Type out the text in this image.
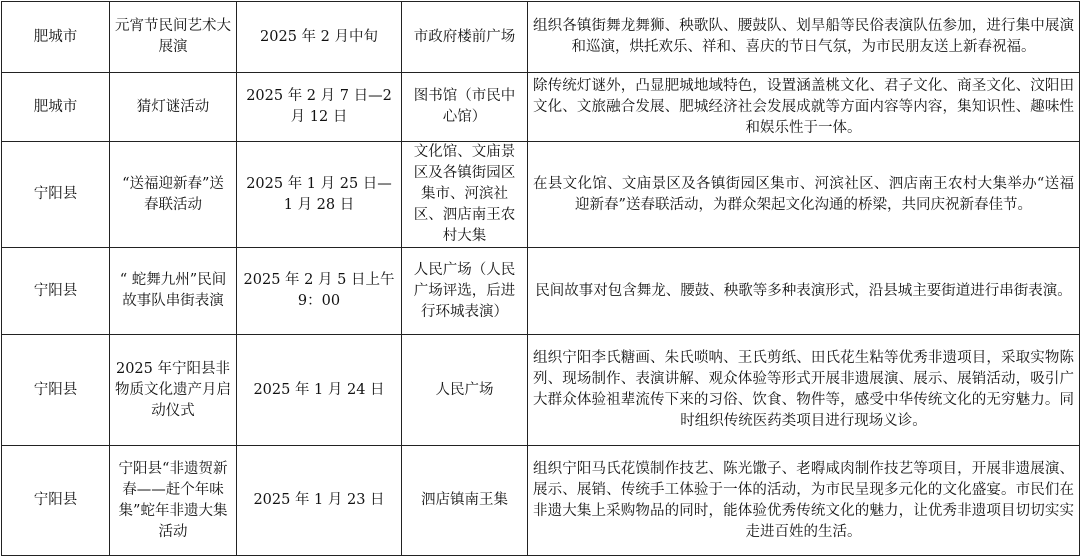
肥城市	元宵节民间艺术大展演	2025 年 2 月中旬	市政府楼前广场	组织各镇街舞龙舞狮、秧歌队、腰鼓队、划旱船等民俗表演队伍参加，进行集中展演和巡演，烘托欢乐、祥和、喜庆的节日气氛，为市民朋友送上新春祝福。
肥城市	猜灯谜活动	2025 年 2 月 7 日—2 月 12 日	图书馆（市民中心馆）	除传统灯谜外，凸显肥城地域特色，设置涵盖桃文化、君子文化、商圣文化、汶阳田文化、文旅融合发展、肥城经济社会发展成就等方面内容等内容，集知识性、趣味性和娱乐性于一体。
宁阳县	“送福迎新春”送春联活动	2025 年 1 月 25 日—1 月 28 日	文化馆、文庙景区及各镇街园区集市、河滨社区、泗店南王农村大集	在县文化馆、文庙景区及各镇街园区集市、河滨社区、泗店南王农村大集举办“送福迎新春”送春联活动，为群众架起文化沟通的桥梁，共同庆祝新春佳节。
宁阳县	“ 蛇舞九州”民间故事队串街表演	2025 年 2 月 5 日上午 9：00	人民广场（人民广场评选，后进行环城表演）	民间故事对包含舞龙、腰鼓、秧歌等多种表演形式，沿县城主要街道进行串街表演。
宁阳县	2025 年宁阳县非物质文化遗产月启动仪式	2025 年 1 月 24 日	人民广场	组织宁阳李氏糖画、朱氏唢呐、王氏剪纸、田氏花生粘等优秀非遗项目，采取实物陈列、现场制作、表演讲解、观众体验等形式开展非遗展演、展示、展销活动，吸引广大群众体验祖辈流传下来的习俗、饮食、物件等，感受中华传统文化的无穷魅力。同时组织传统医药类项目进行现场义诊。
宁阳县	宁阳县“非遗贺新春——赶个年味集”蛇年非遗大集活动	2025 年 1 月 23 日	泗店镇南王集	组织宁阳马氏花馍制作技艺、陈光馓子、老嘚咸肉制作技艺等项目，开展非遗展演、展示、展销、传统手工体验于一体的活动，为市民呈现多元化的文化盛宴。市民们在非遗大集上采购物品的同时，能体验优秀传统文化的魅力，让优秀非遗项目切切实实走进百姓的生活。
